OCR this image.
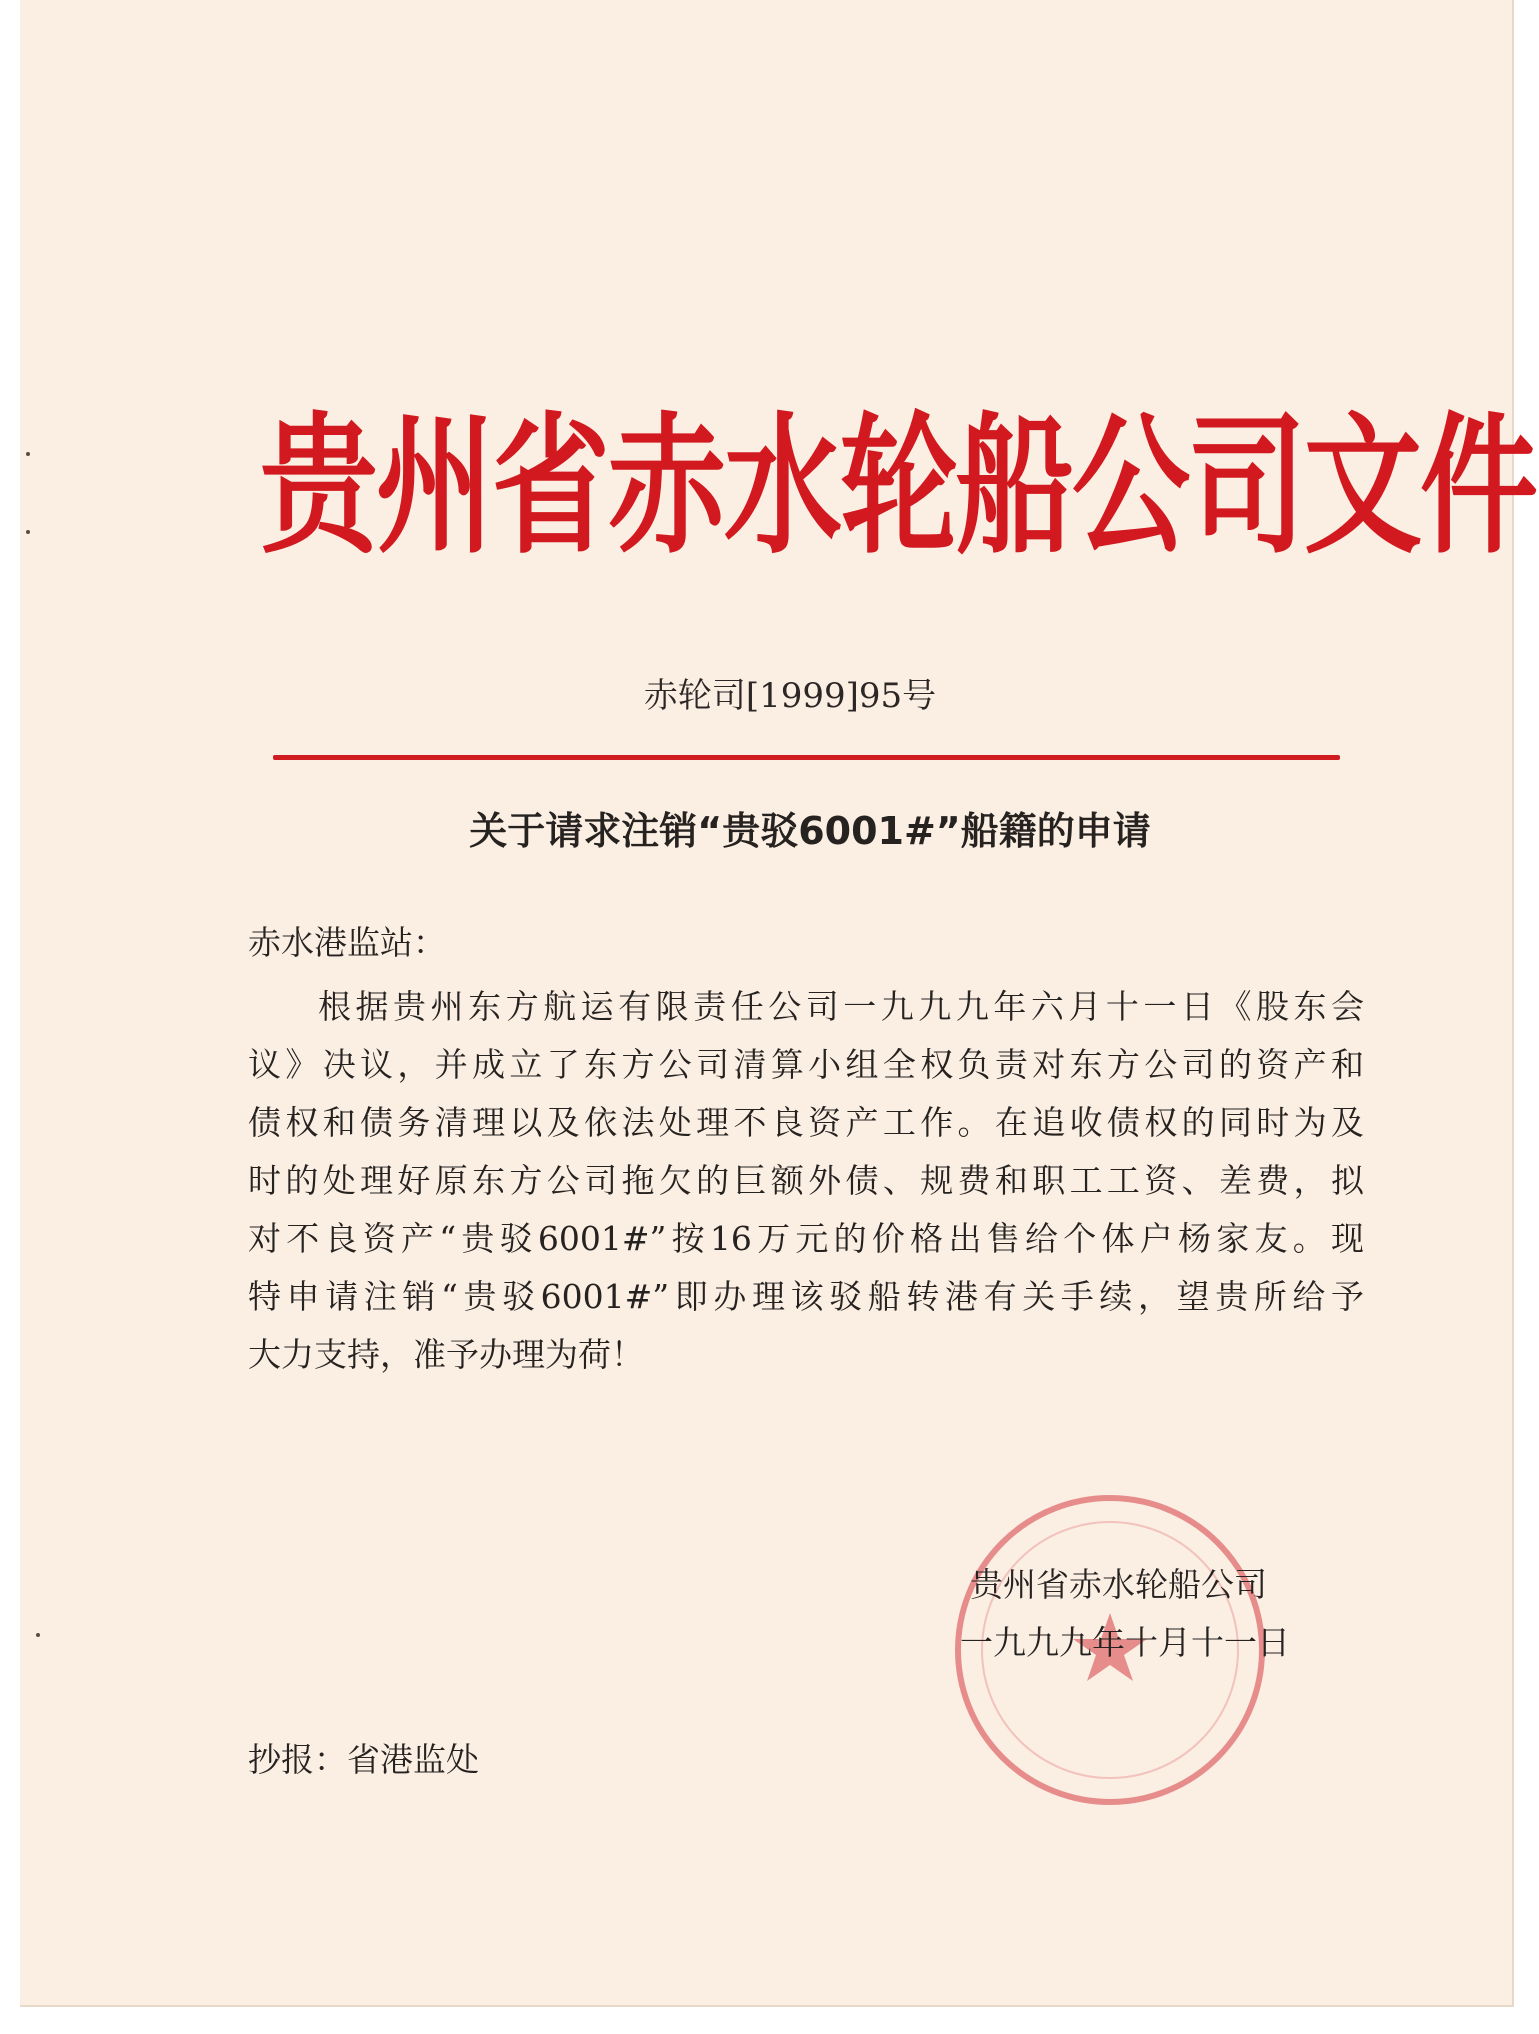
贵州省赤水轮船公司文件
赤轮司[1999]95号
关于请求注销“贵驳6001#”船籍的申请
赤水港监站：
根据贵州东方航运有限责任公司一九九九年六月十一日《股东会
议》决议，并成立了东方公司清算小组全权负责对东方公司的资产和
债权和债务清理以及依法处理不良资产工作。在追收债权的同时为及
时的处理好原东方公司拖欠的巨额外债、规费和职工工资、差费，拟
对不良资产“贵驳6001#”按16万元的价格出售给个体户杨家友。现
特申请注销“贵驳6001#”即办理该驳船转港有关手续，望贵所给予
大力支持，准予办理为荷！
贵州省赤水轮船公司
一九九九年十月十一日
抄报：省港监处
